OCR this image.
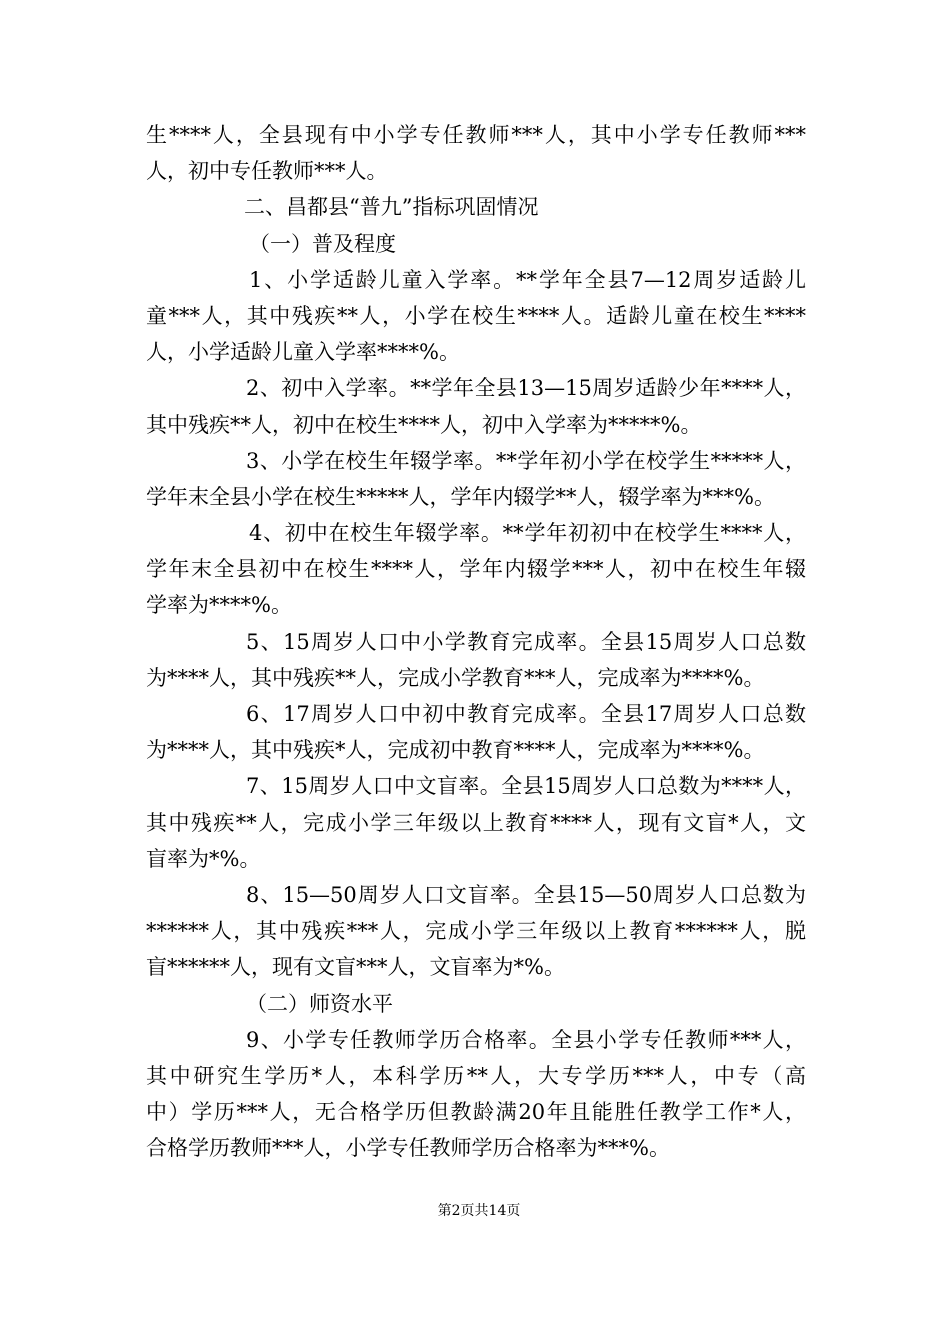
生****人，全县现有中小学专任教师***人，其中小学专任教师***
人，初中专任教师***人。
二、昌都县“普九”指标巩固情况
（一）普及程度
1、小学适龄儿童入学率。**学年全县7—12周岁适龄儿
童***人，其中残疾**人，小学在校生****人。适龄儿童在校生****
人，小学适龄儿童入学率****%。
2、初中入学率。**学年全县13—15周岁适龄少年****人，
其中残疾**人，初中在校生****人，初中入学率为*****%。
3、小学在校生年辍学率。**学年初小学在校学生*****人，
学年末全县小学在校生*****人，学年内辍学**人，辍学率为***%。
4、初中在校生年辍学率。**学年初初中在校学生****人，
学年末全县初中在校生****人，学年内辍学***人，初中在校生年辍
学率为****%。
5、15周岁人口中小学教育完成率。全县15周岁人口总数
为****人，其中残疾**人，完成小学教育***人，完成率为****%。
6、17周岁人口中初中教育完成率。全县17周岁人口总数
为****人，其中残疾*人，完成初中教育****人，完成率为****%。
7、15周岁人口中文盲率。全县15周岁人口总数为****人，
其中残疾**人，完成小学三年级以上教育****人，现有文盲*人，文
盲率为*%。
8、15—50周岁人口文盲率。全县15—50周岁人口总数为
******人，其中残疾***人，完成小学三年级以上教育******人，脱
盲******人，现有文盲***人，文盲率为*%。
（二）师资水平
9、小学专任教师学历合格率。全县小学专任教师***人，
其中研究生学历*人，本科学历**人，大专学历***人，中专（高
中）学历***人，无合格学历但教龄满20年且能胜任教学工作*人，
合格学历教师***人，小学专任教师学历合格率为***%。
第2页共14页
